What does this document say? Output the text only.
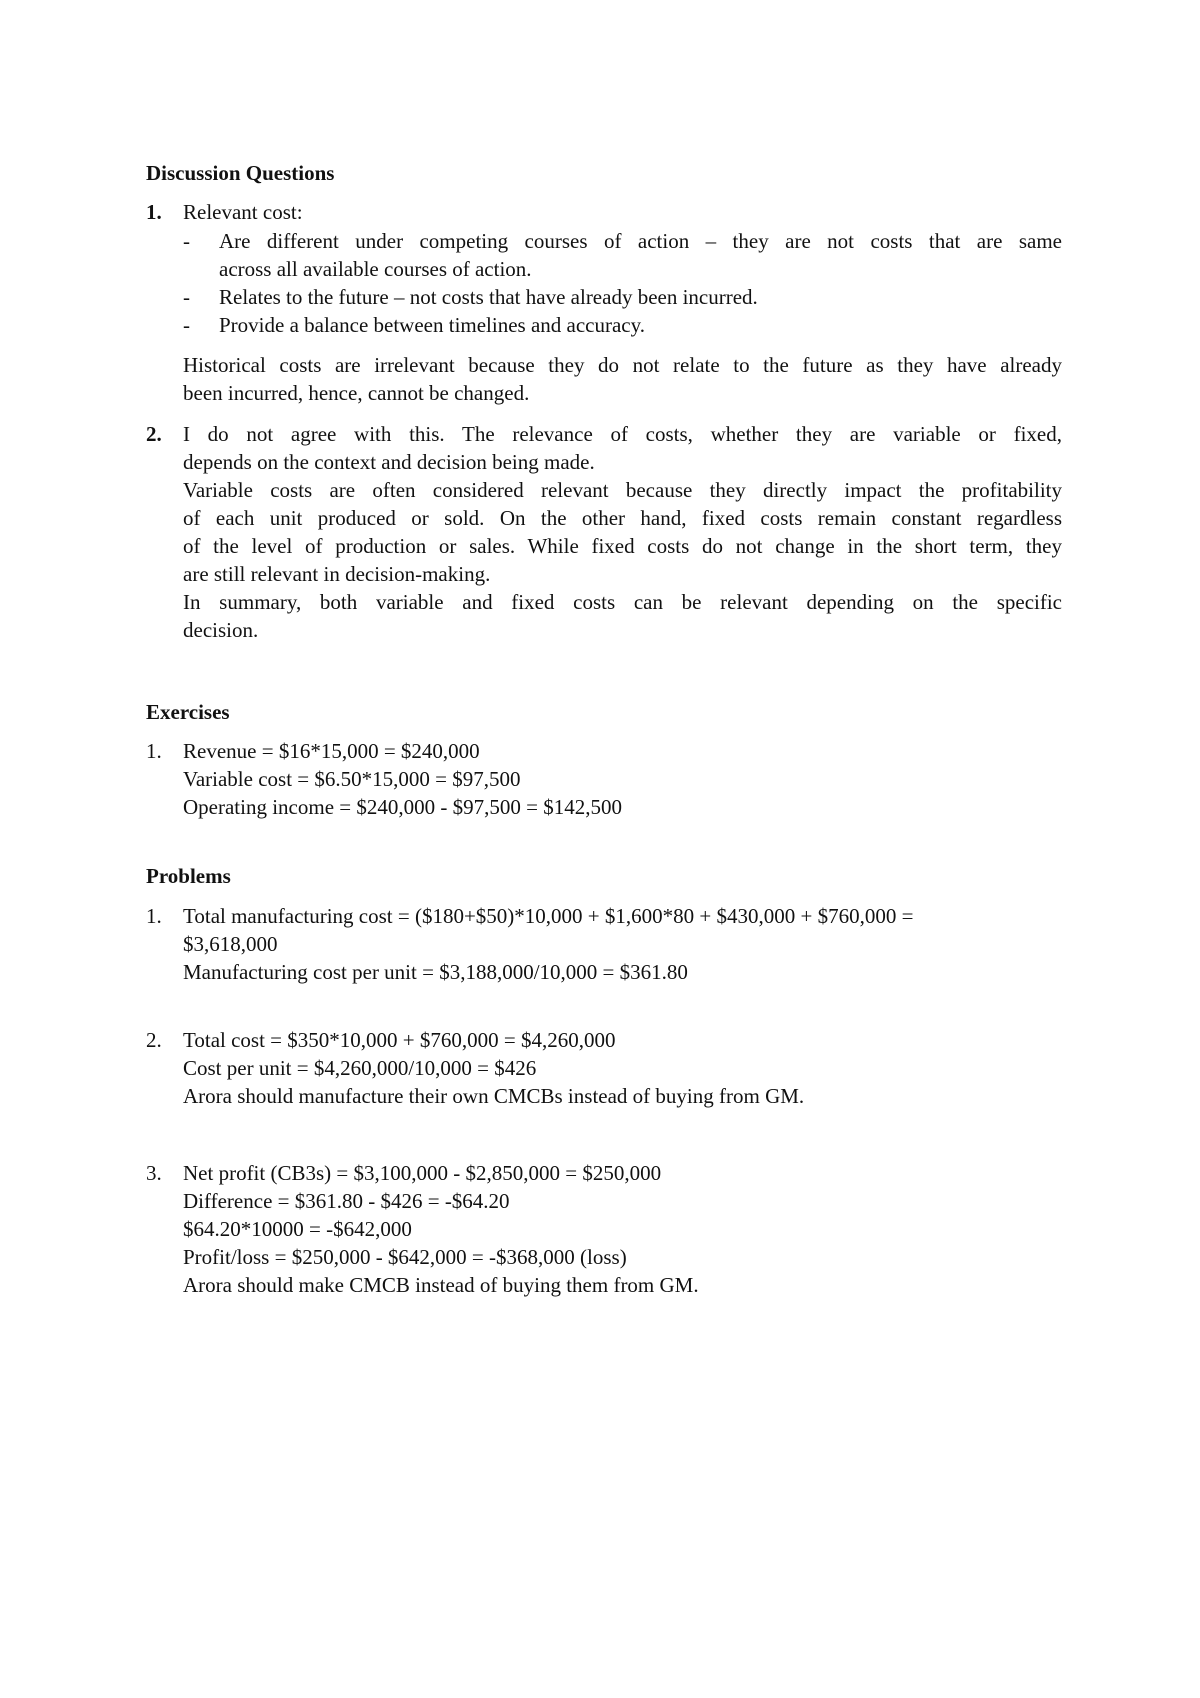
Discussion Questions
1. Relevant cost:
- Are different under competing courses of action – they are not costs that are same
across all available courses of action.
- Relates to the future – not costs that have already been incurred.
- Provide a balance between timelines and accuracy.
Historical costs are irrelevant because they do not relate to the future as they have already
been incurred, hence, cannot be changed.
2. I do not agree with this. The relevance of costs, whether they are variable or fixed,
depends on the context and decision being made.
Variable costs are often considered relevant because they directly impact the profitability
of each unit produced or sold. On the other hand, fixed costs remain constant regardless
of the level of production or sales. While fixed costs do not change in the short term, they
are still relevant in decision-making.
In summary, both variable and fixed costs can be relevant depending on the specific
decision.
Exercises
1. Revenue = $16*15,000 = $240,000
Variable cost = $6.50*15,000 = $97,500
Operating income = $240,000 - $97,500 = $142,500
Problems
1. Total manufacturing cost = ($180+$50)*10,000 + $1,600*80 + $430,000 + $760,000 =
$3,618,000
Manufacturing cost per unit = $3,188,000/10,000 = $361.80
2. Total cost = $350*10,000 + $760,000 = $4,260,000
Cost per unit = $4,260,000/10,000 = $426
Arora should manufacture their own CMCBs instead of buying from GM.
3. Net profit (CB3s) = $3,100,000 - $2,850,000 = $250,000
Difference = $361.80 - $426 = -$64.20
$64.20*10000 = -$642,000
Profit/loss = $250,000 - $642,000 = -$368,000 (loss)
Arora should make CMCB instead of buying them from GM.
